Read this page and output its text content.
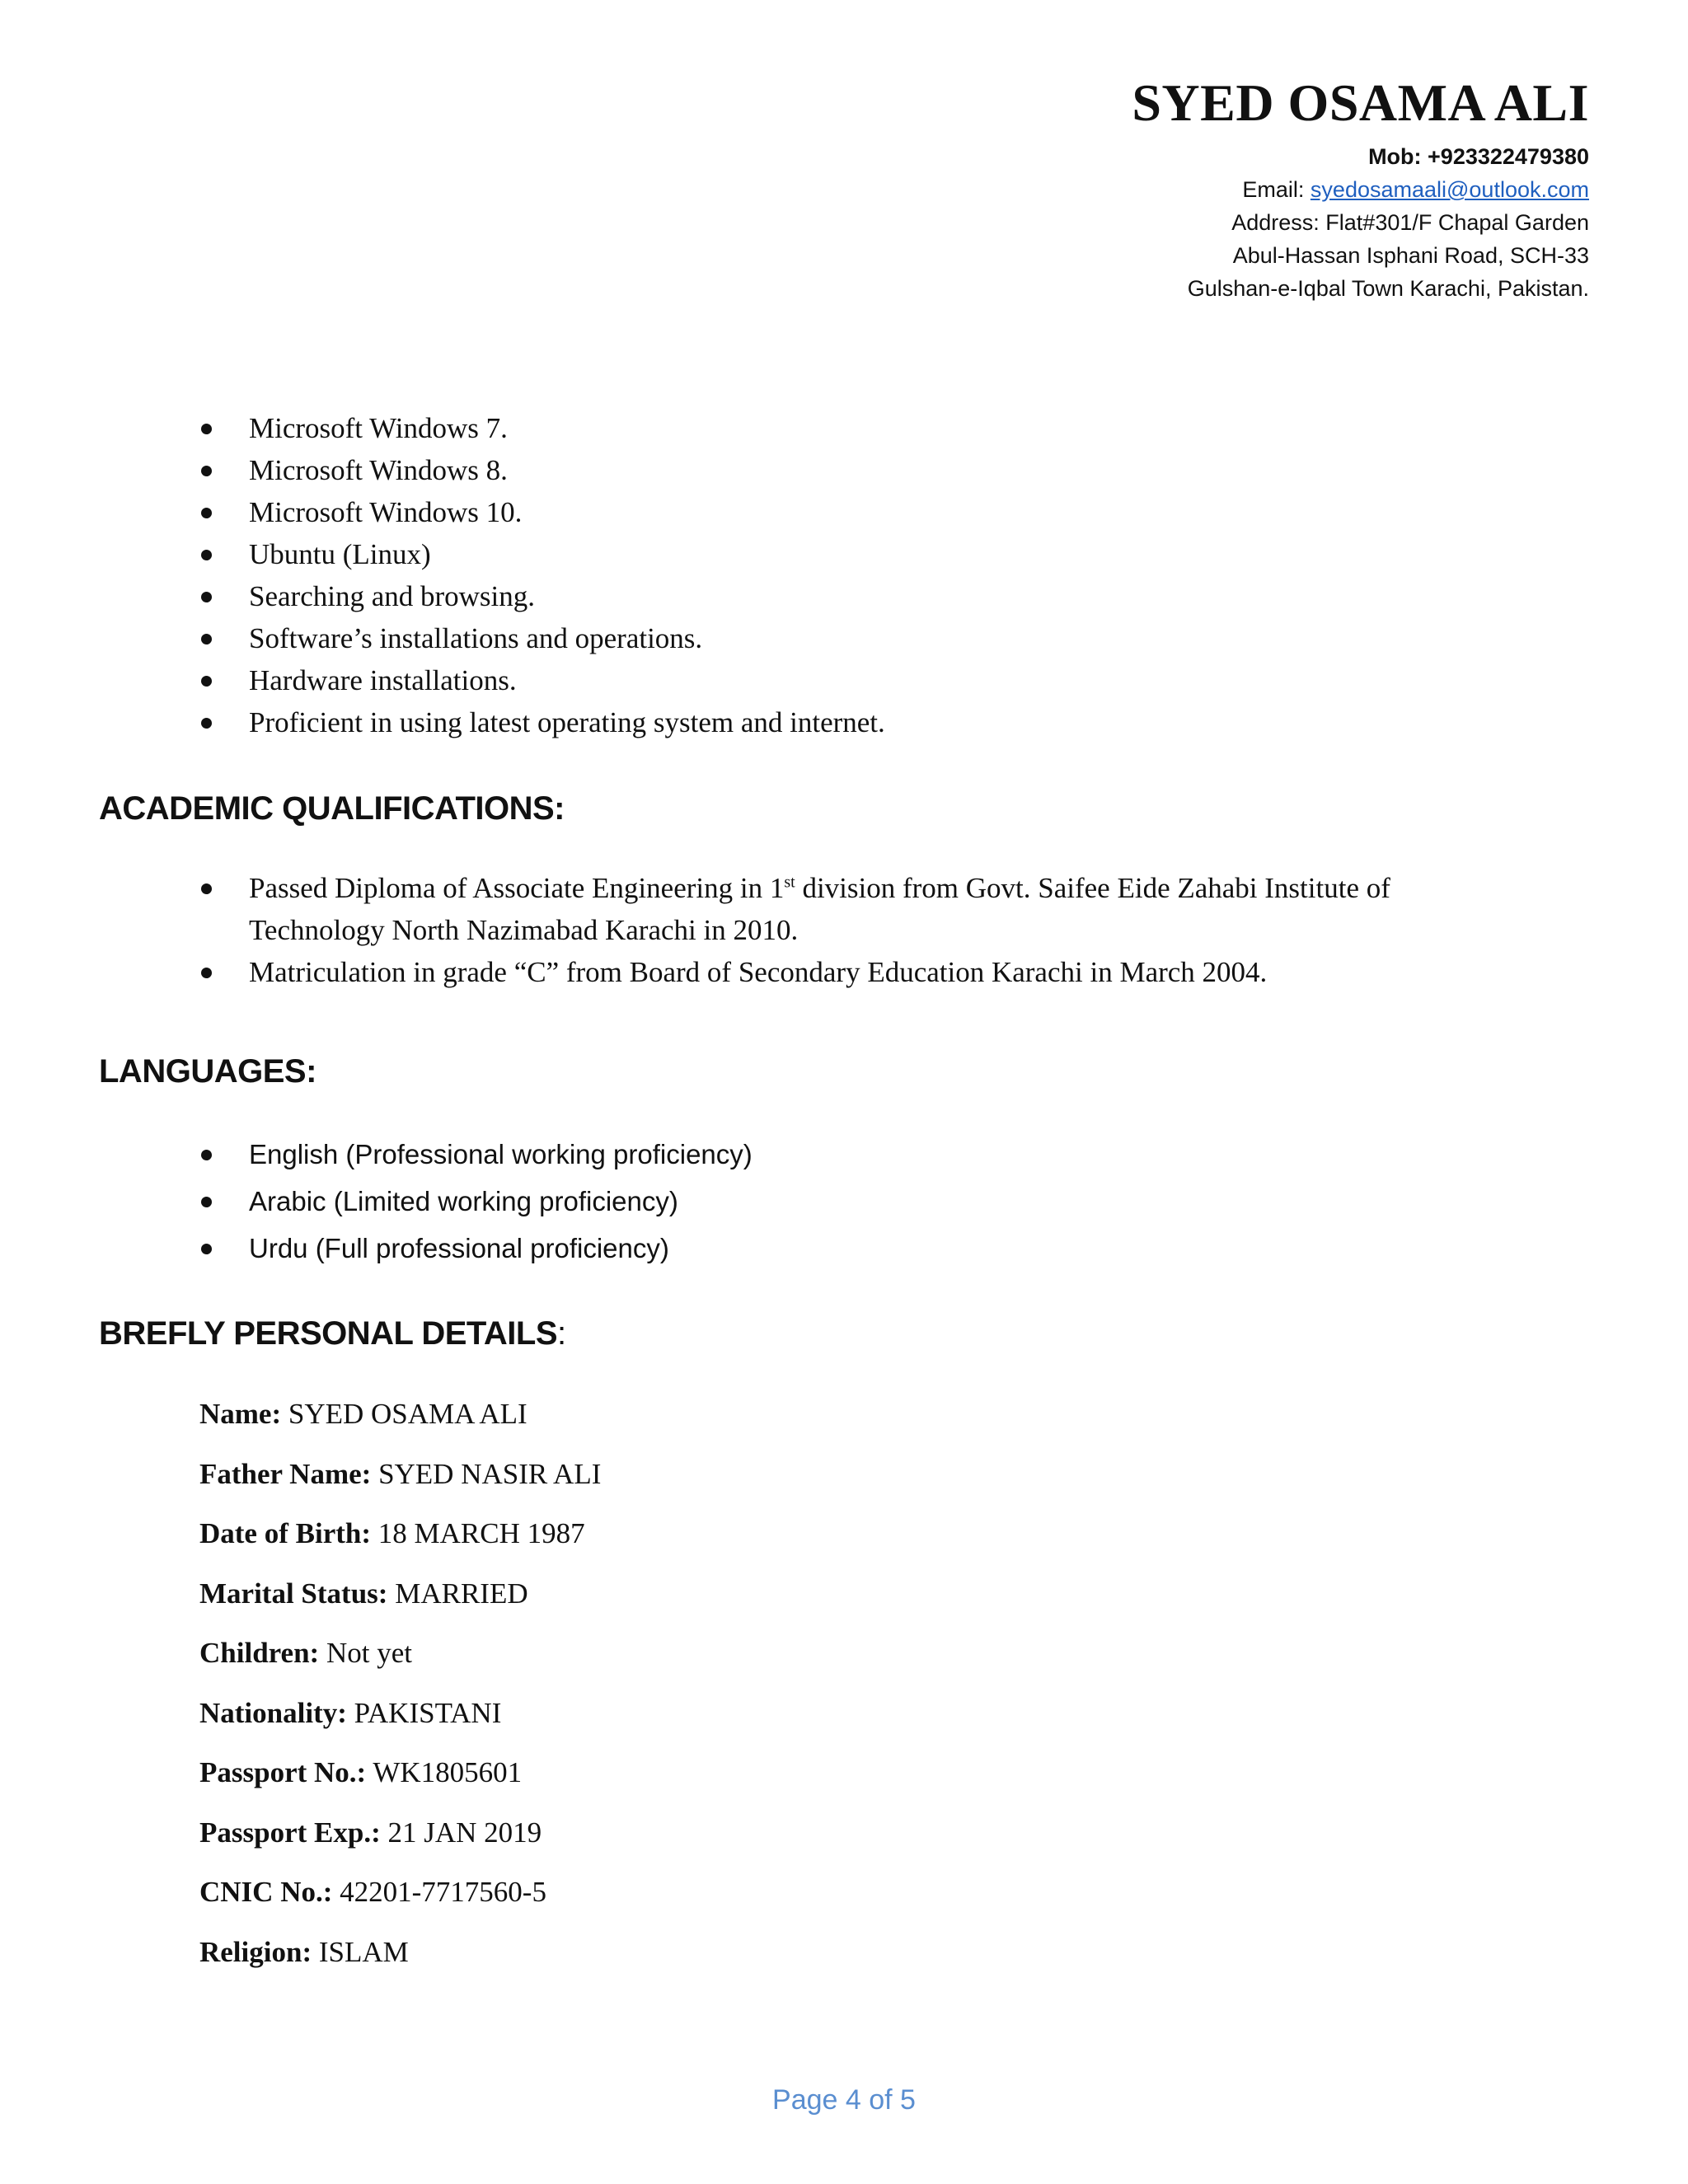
SYED OSAMA ALI

Mob: +923322479380

Email: syedosamaali@outlook.com

Address: Flat#301/F Chapal Garden

Abul-Hassan Isphani Road, SCH-33

Gulshan-e-Iqbal Town Karachi, Pakistan.

Microsoft Windows 7.
Microsoft Windows 8.
Microsoft Windows 10.
Ubuntu (Linux)
Searching and browsing.
Software’s installations and operations.
Hardware installations.
Proficient in using latest operating system and internet.
ACADEMIC QUALIFICATIONS:
Passed Diploma of Associate Engineering in 1st division from Govt. Saifee Eide Zahabi Institute of Technology North Nazimabad Karachi in 2010.
Matriculation in grade “C” from Board of Secondary Education Karachi in March 2004.
LANGUAGES:
English (Professional working proficiency)
Arabic (Limited working proficiency)
Urdu (Full professional proficiency)
BREFLY PERSONAL DETAILS:
Name: SYED OSAMA ALI
Father Name: SYED NASIR ALI
Date of Birth: 18 MARCH 1987
Marital Status: MARRIED
Children: Not yet
Nationality: PAKISTANI
Passport No.: WK1805601
Passport Exp.: 21 JAN 2019
CNIC No.: 42201-7717560-5
Religion: ISLAM
Page 4 of 5
